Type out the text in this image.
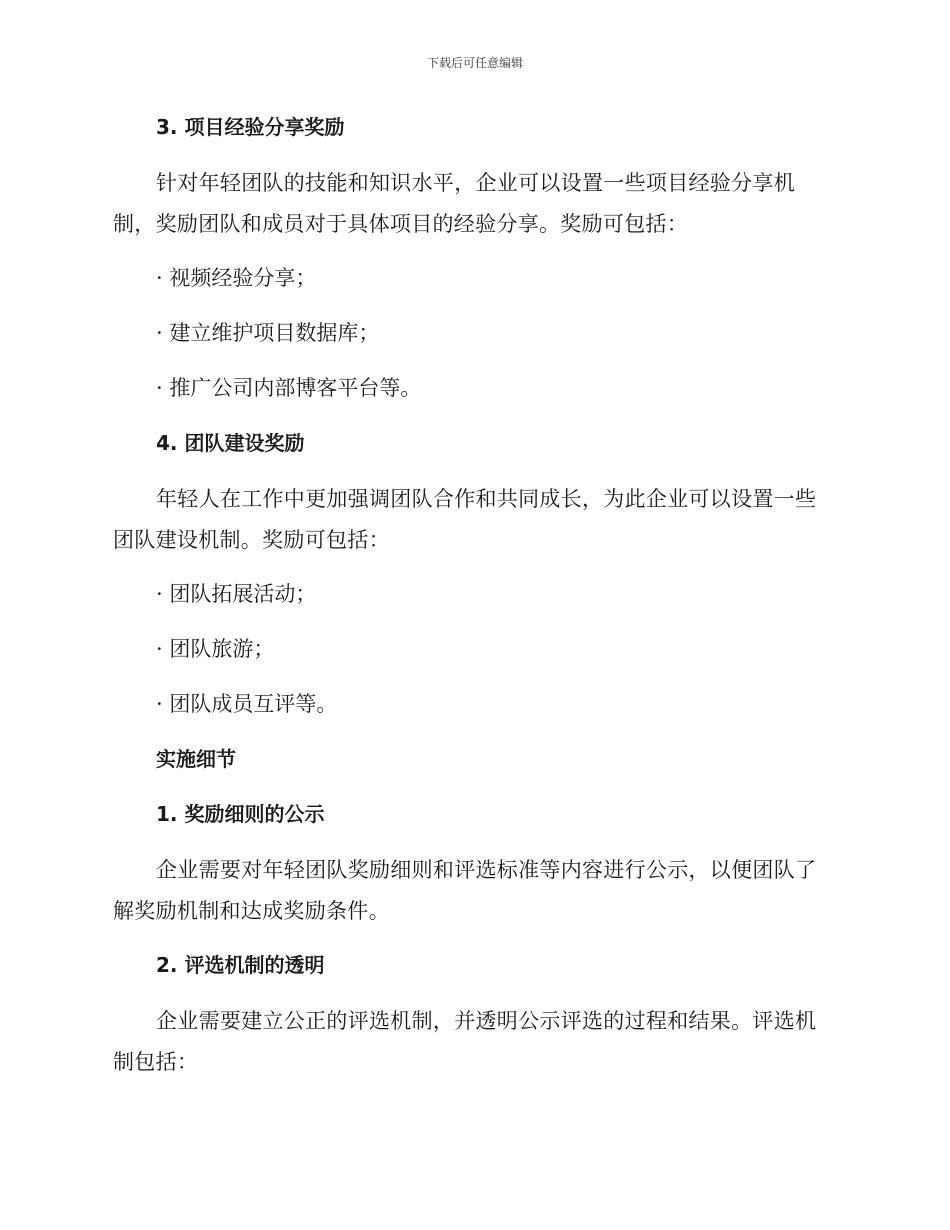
下载后可任意编辑
3. 项目经验分享奖励

针对年轻团队的技能和知识水平，企业可以设置一些项目经验分享机制，奖励团队和成员对于具体项目的经验分享。奖励可包括：

· 视频经验分享；

· 建立维护项目数据库；

· 推广公司内部博客平台等。

4. 团队建设奖励

年轻人在工作中更加强调团队合作和共同成长，为此企业可以设置一些团队建设机制。奖励可包括：

· 团队拓展活动；

· 团队旅游；

· 团队成员互评等。

实施细节
1. 奖励细则的公示

企业需要对年轻团队奖励细则和评选标准等内容进行公示，以便团队了解奖励机制和达成奖励条件。

2. 评选机制的透明

企业需要建立公正的评选机制，并透明公示评选的过程和结果。评选机制包括：
